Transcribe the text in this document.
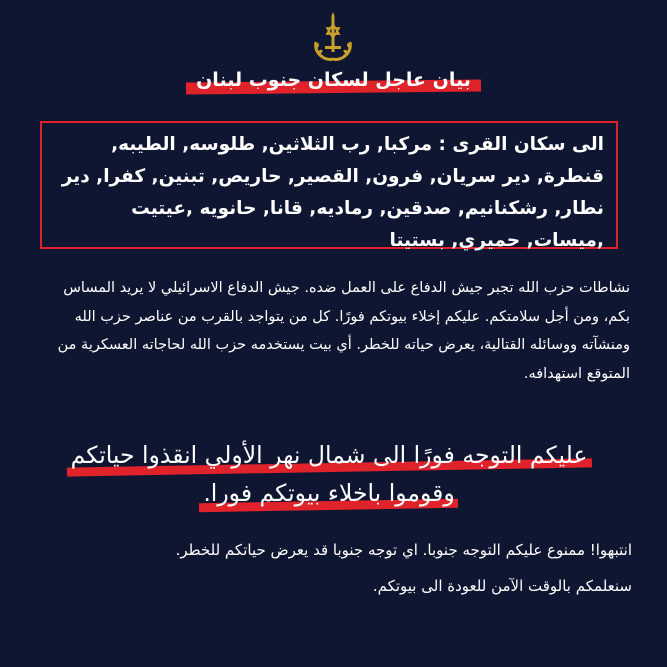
بيان عاجل لسكان جنوب لبنان

الى سكان القرى : مركبا, رب الثلاثين, طلوسه, الطيبه, قنطرة, دير سريان, فرون, القصير, حاريص, تبنين, كفرا, دير نطار, رشكنانيم, صدقين, رماديه, قانا, حانويه ,عيتيت ,ميسات, حميري, بستيتا

نشاطات حزب الله تجبر جيش الدفاع على العمل ضده. جيش الدفاع الاسرائيلي لا يريد المساس بكم، ومن أجل سلامتكم. عليكم إخلاء بيوتكم فورًا. كل من يتواجد بالقرب من عناصر حزب الله ومنشآته ووسائله القتالية، يعرض حياته للخطر. أي بيت يستخدمه حزب الله لحاجاته العسكرية من المتوقع استهدافه.

عليكم التوجه فورًا الى شمال نهر الأولي انقذوا حياتكم
وقوموا باخلاء بيوتكم فورا.

انتبهوا! ممنوع عليكم التوجه جنوبا. اي توجه جنوبا قد يعرض حياتكم للخطر.

سنعلمكم بالوقت الآمن للعودة الى بيوتكم.
